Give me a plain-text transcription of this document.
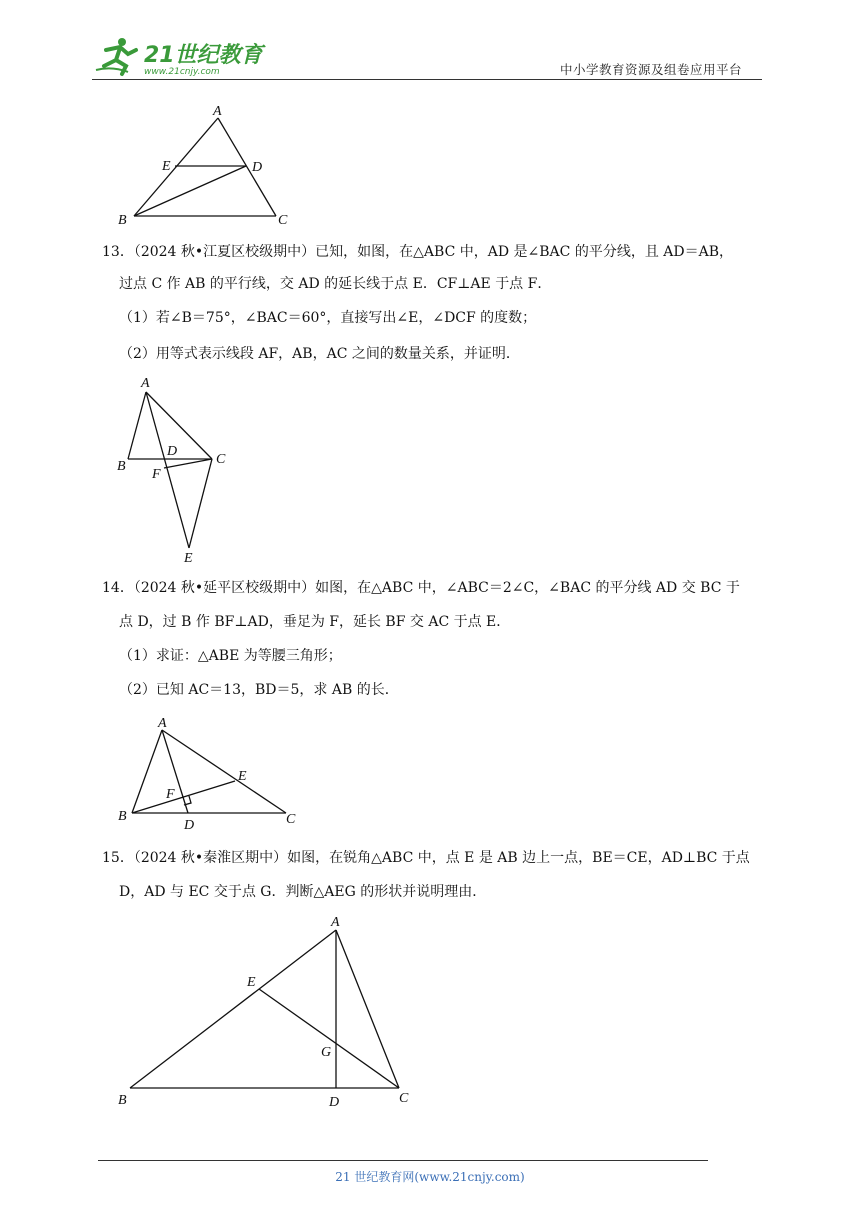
21世纪教育
www.21cnjy.com	中小学教育资源及组卷应用平台
A
E	D
B	C
13．（2024 秋•江夏区校级期中）已知，如图，在△ABC 中，AD 是∠BAC 的平分线，且 AD＝AB，
过点 C 作 AB 的平行线，交 AD 的延长线于点 E．CF⊥AE 于点 F．
（1）若∠B＝75°，∠BAC＝60°，直接写出∠E，∠DCF 的度数；
（2）用等式表示线段 AF，AB，AC 之间的数量关系，并证明．
A
B
D
C
F
E
14．（2024 秋•延平区校级期中）如图，在△ABC 中，∠ABC＝2∠C，∠BAC 的平分线 AD 交 BC 于
点 D，过 B 作 BF⊥AD，垂足为 F，延长 BF 交 AC 于点 E．
（1）求证：△ABE 为等腰三角形；
（2）已知 AC＝13，BD＝5，求 AB 的长．
A
E
F
B
D	C
15．（2024 秋•秦淮区期中）如图，在锐角△ABC 中，点 E 是 AB 边上一点，BE＝CE，AD⊥BC 于点
D，AD 与 EC 交于点 G．判断△AEG 的形状并说明理由．
A
E
G
B	D	C
21 世纪教育网(www.21cnjy.com)
